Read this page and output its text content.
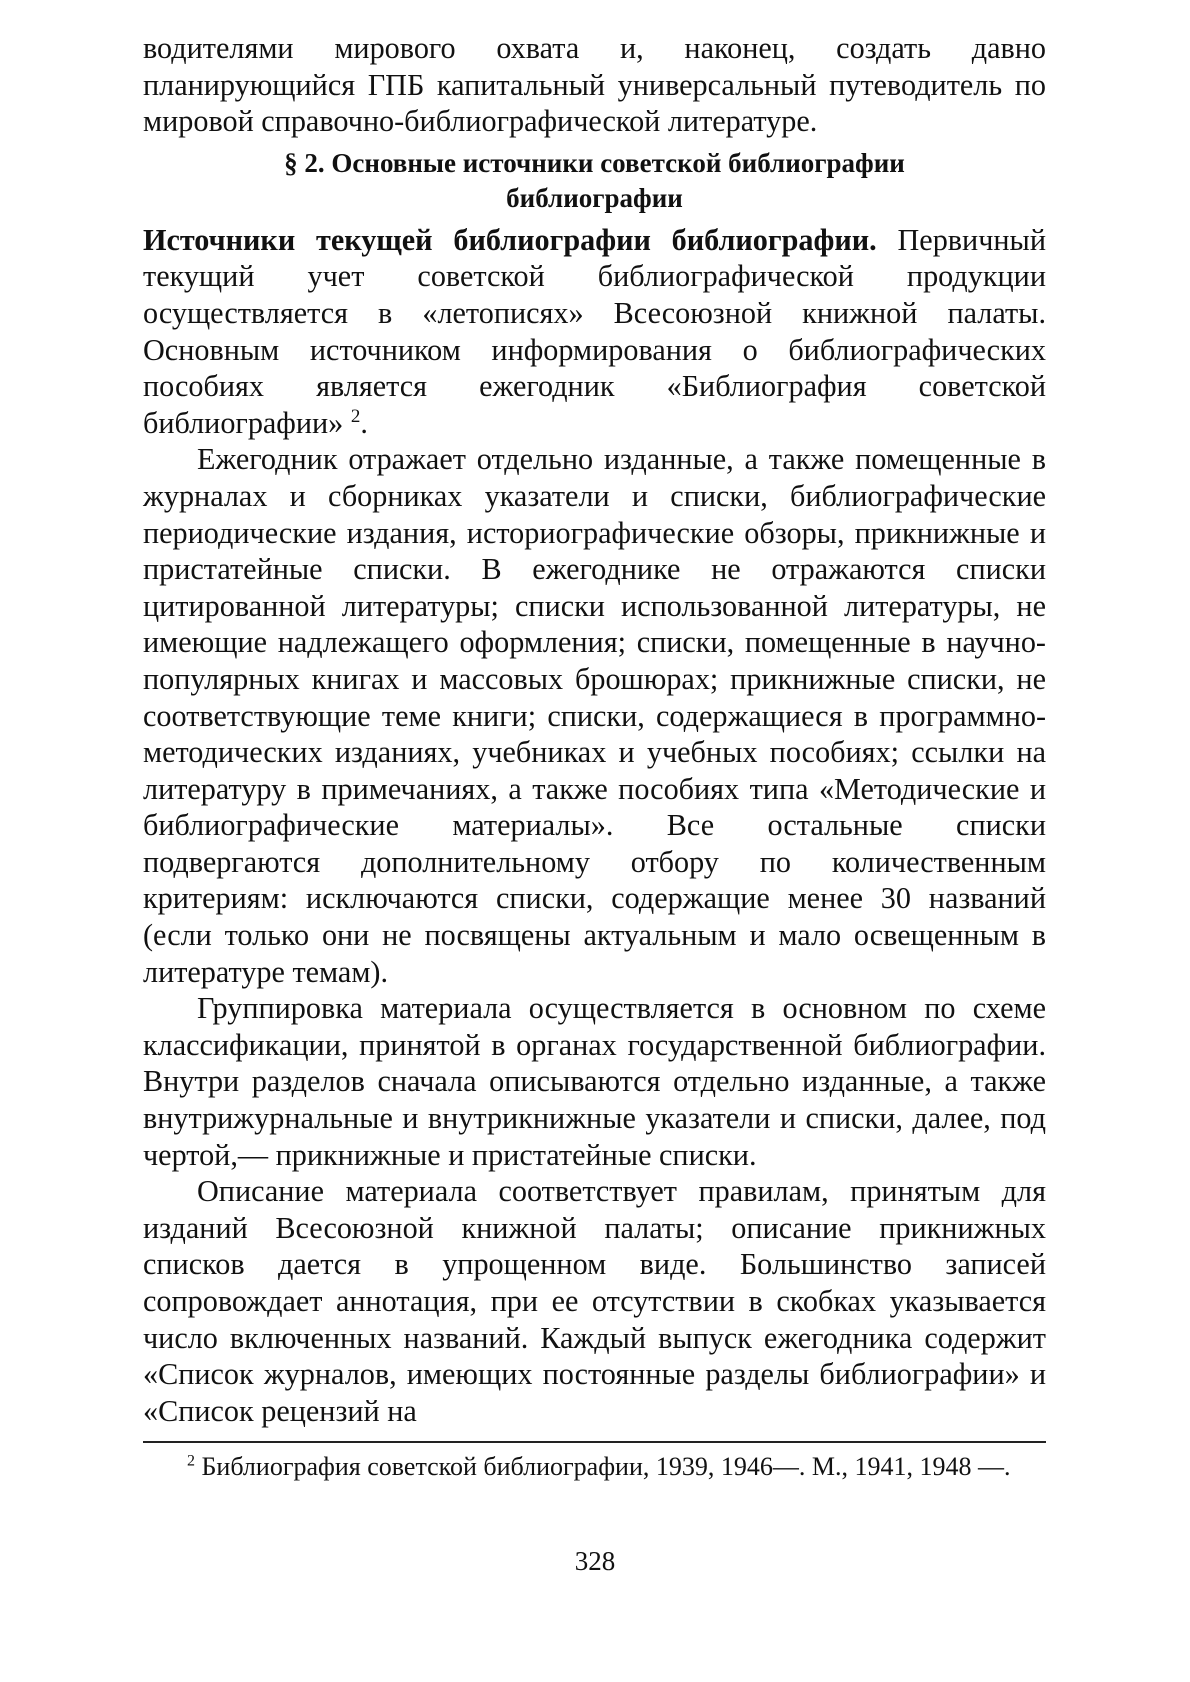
водителями мирового охвата и, наконец, создать давно планирующийся ГПБ капитальный универсальный путеводитель по мировой справочно-библиографической литературе.

§ 2. Основные источники советской библиографии
библиографии

Источники текущей библиографии библиографии. Первичный текущий учет советской библиографической продукции осуществляется в «летописях» Всесоюзной книжной палаты. Основным источником информирования о библиографических пособиях является ежегодник «Библиография советской библиографии» $^2$.

Ежегодник отражает отдельно изданные, а также помещенные в журналах и сборниках указатели и списки, библиографические периодические издания, историографические обзоры, прикнижные и пристатейные списки. В ежегоднике не отражаются списки цитированной литературы; списки использованной литературы, не имеющие надлежащего оформления; списки, помещенные в научно-популярных книгах и массовых брошюрах; прикнижные списки, не соответствующие теме книги; списки, содержащиеся в программно-методических изданиях, учебниках и учебных пособиях; ссылки на литературу в примечаниях, а также пособиях типа «Методические и библиографические материалы». Все остальные списки подвергаются дополнительному отбору по количественным критериям: исключаются списки, содержащие менее 30 названий (если только они не посвящены актуальным и мало освещенным в литературе темам).

Группировка материала осуществляется в основном по схеме классификации, принятой в органах государственной библиографии. Внутри разделов сначала описываются отдельно изданные, а также внутрижурнальные и внутрикнижные указатели и списки, далее, под чертой,— прикнижные и пристатейные списки.

Описание материала соответствует правилам, принятым для изданий Всесоюзной книжной палаты; описание прикнижных списков дается в упрощенном виде. Большинство записей сопровождает аннотация, при ее отсутствии в скобках указывается число включенных названий. Каждый выпуск ежегодника содержит «Список журналов, имеющих постоянные разделы библиографии» и «Список рецензий на

$^2$ Библиография советской библиографии, 1939, 1946—. М., 1941, 1948 —.

328
